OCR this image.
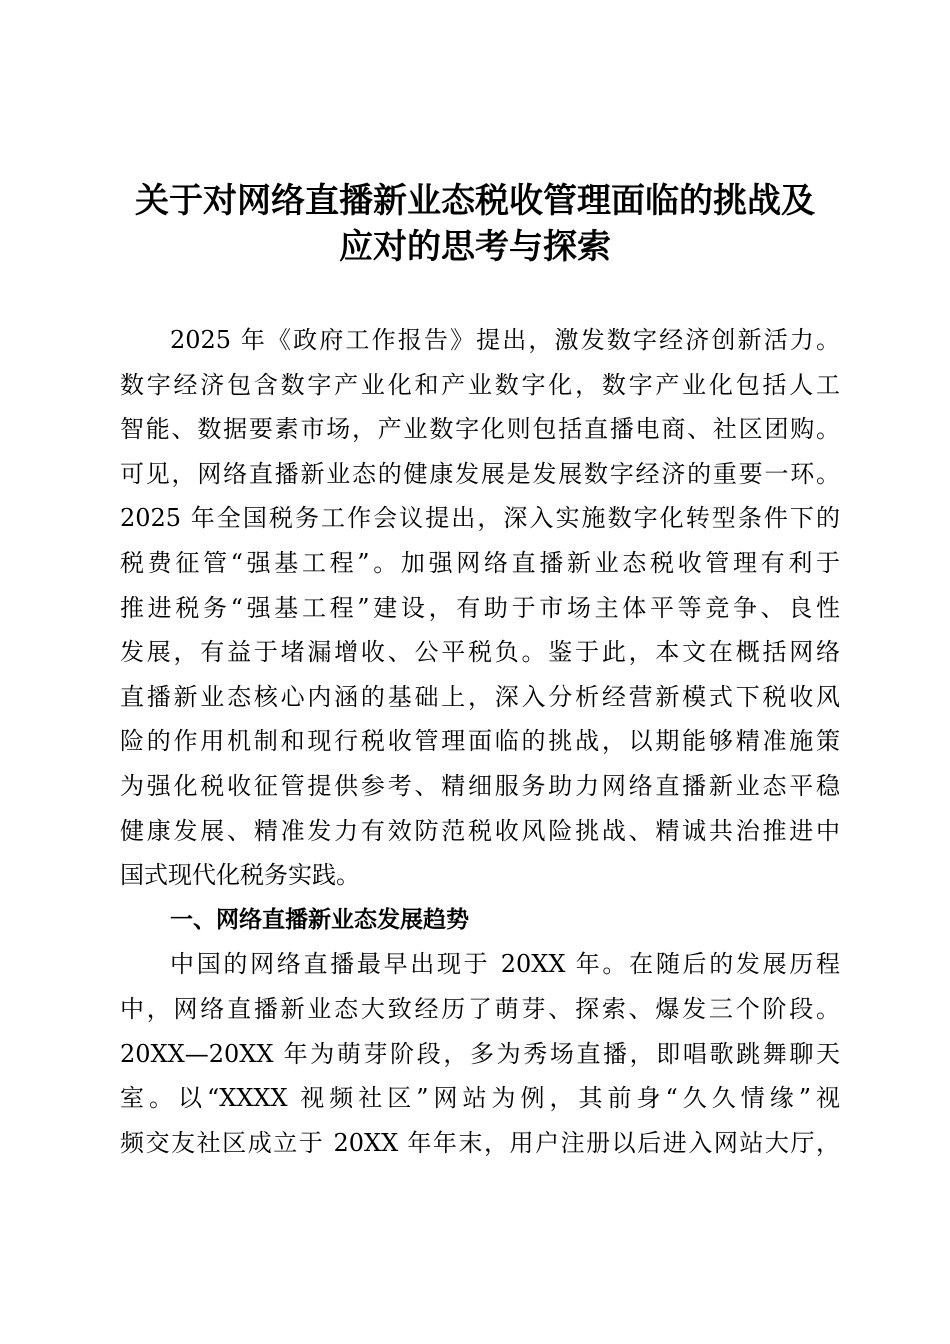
关于对网络直播新业态税收管理面临的挑战及
应对的思考与探索
2025 年《政府工作报告》提出，激发数字经济创新活力。
数字经济包含数字产业化和产业数字化，数字产业化包括人工
智能、数据要素市场，产业数字化则包括直播电商、社区团购。
可见，网络直播新业态的健康发展是发展数字经济的重要一环。
2025 年全国税务工作会议提出，深入实施数字化转型条件下的
税费征管“强基工程”。加强网络直播新业态税收管理有利于
推进税务“强基工程”建设，有助于市场主体平等竞争、良性
发展，有益于堵漏增收、公平税负。鉴于此，本文在概括网络
直播新业态核心内涵的基础上，深入分析经营新模式下税收风
险的作用机制和现行税收管理面临的挑战，以期能够精准施策
为强化税收征管提供参考、精细服务助力网络直播新业态平稳
健康发展、精准发力有效防范税收风险挑战、精诚共治推进中
国式现代化税务实践。
一、网络直播新业态发展趋势
中国的网络直播最早出现于 20XX 年。在随后的发展历程
中，网络直播新业态大致经历了萌芽、探索、爆发三个阶段。
20XX—20XX 年为萌芽阶段，多为秀场直播，即唱歌跳舞聊天
室。以“XXXX 视频社区”网站为例，其前身“久久情缘”视
频交友社区成立于 20XX 年年末，用户注册以后进入网站大厅，
